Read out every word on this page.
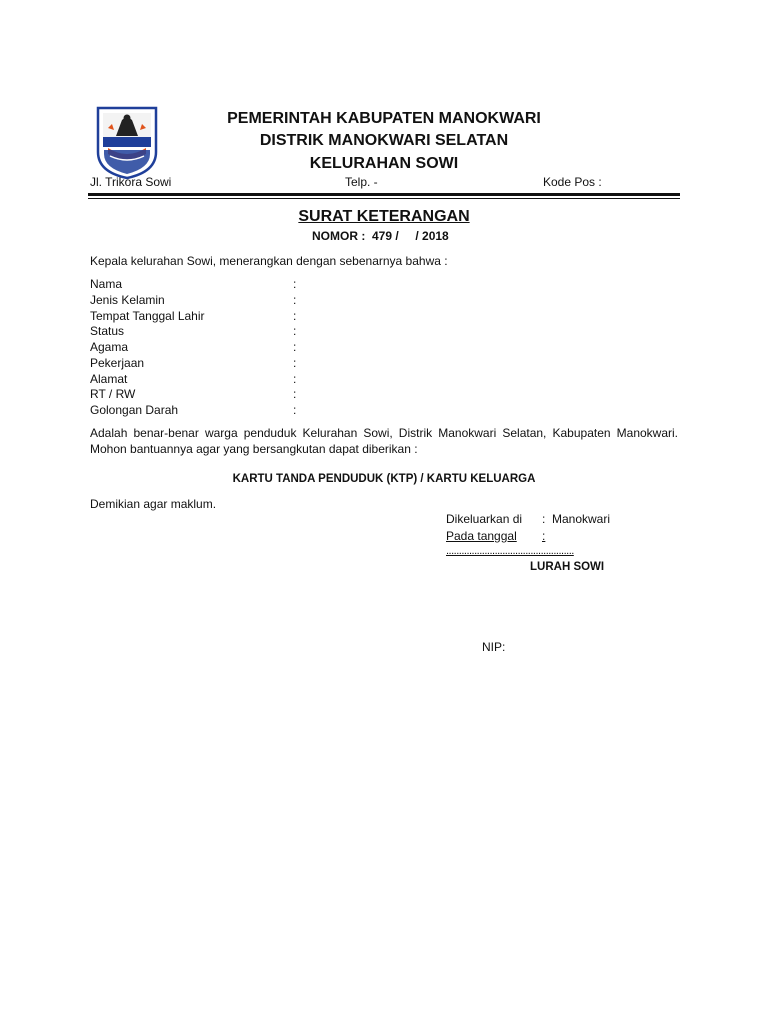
PEMERINTAH KABUPATEN MANOKWARI
DISTRIK MANOKWARI SELATAN
KELURAHAN SOWI
Jl. Trikora Sowi	Telp. -	Kode Pos :
SURAT KETERANGAN
NOMOR : 479 /     / 2018
Kepala kelurahan Sowi, menerangkan dengan sebenarnya bahwa :
Nama	:
Jenis Kelamin	:
Tempat Tanggal Lahir	:
Status	:
Agama	:
Pekerjaan	:
Alamat	:
RT / RW	:
Golongan Darah	:
Adalah benar-benar warga penduduk Kelurahan Sowi, Distrik Manokwari Selatan, Kabupaten Manokwari. Mohon bantuannya agar yang bersangkutan dapat diberikan :
KARTU TANDA PENDUDUK (KTP) / KARTU KELUARGA
Demikian agar maklum.
Dikeluarkan di : Manokwari
Pada tanggal :
..................................................
LURAH SOWI
NIP:
